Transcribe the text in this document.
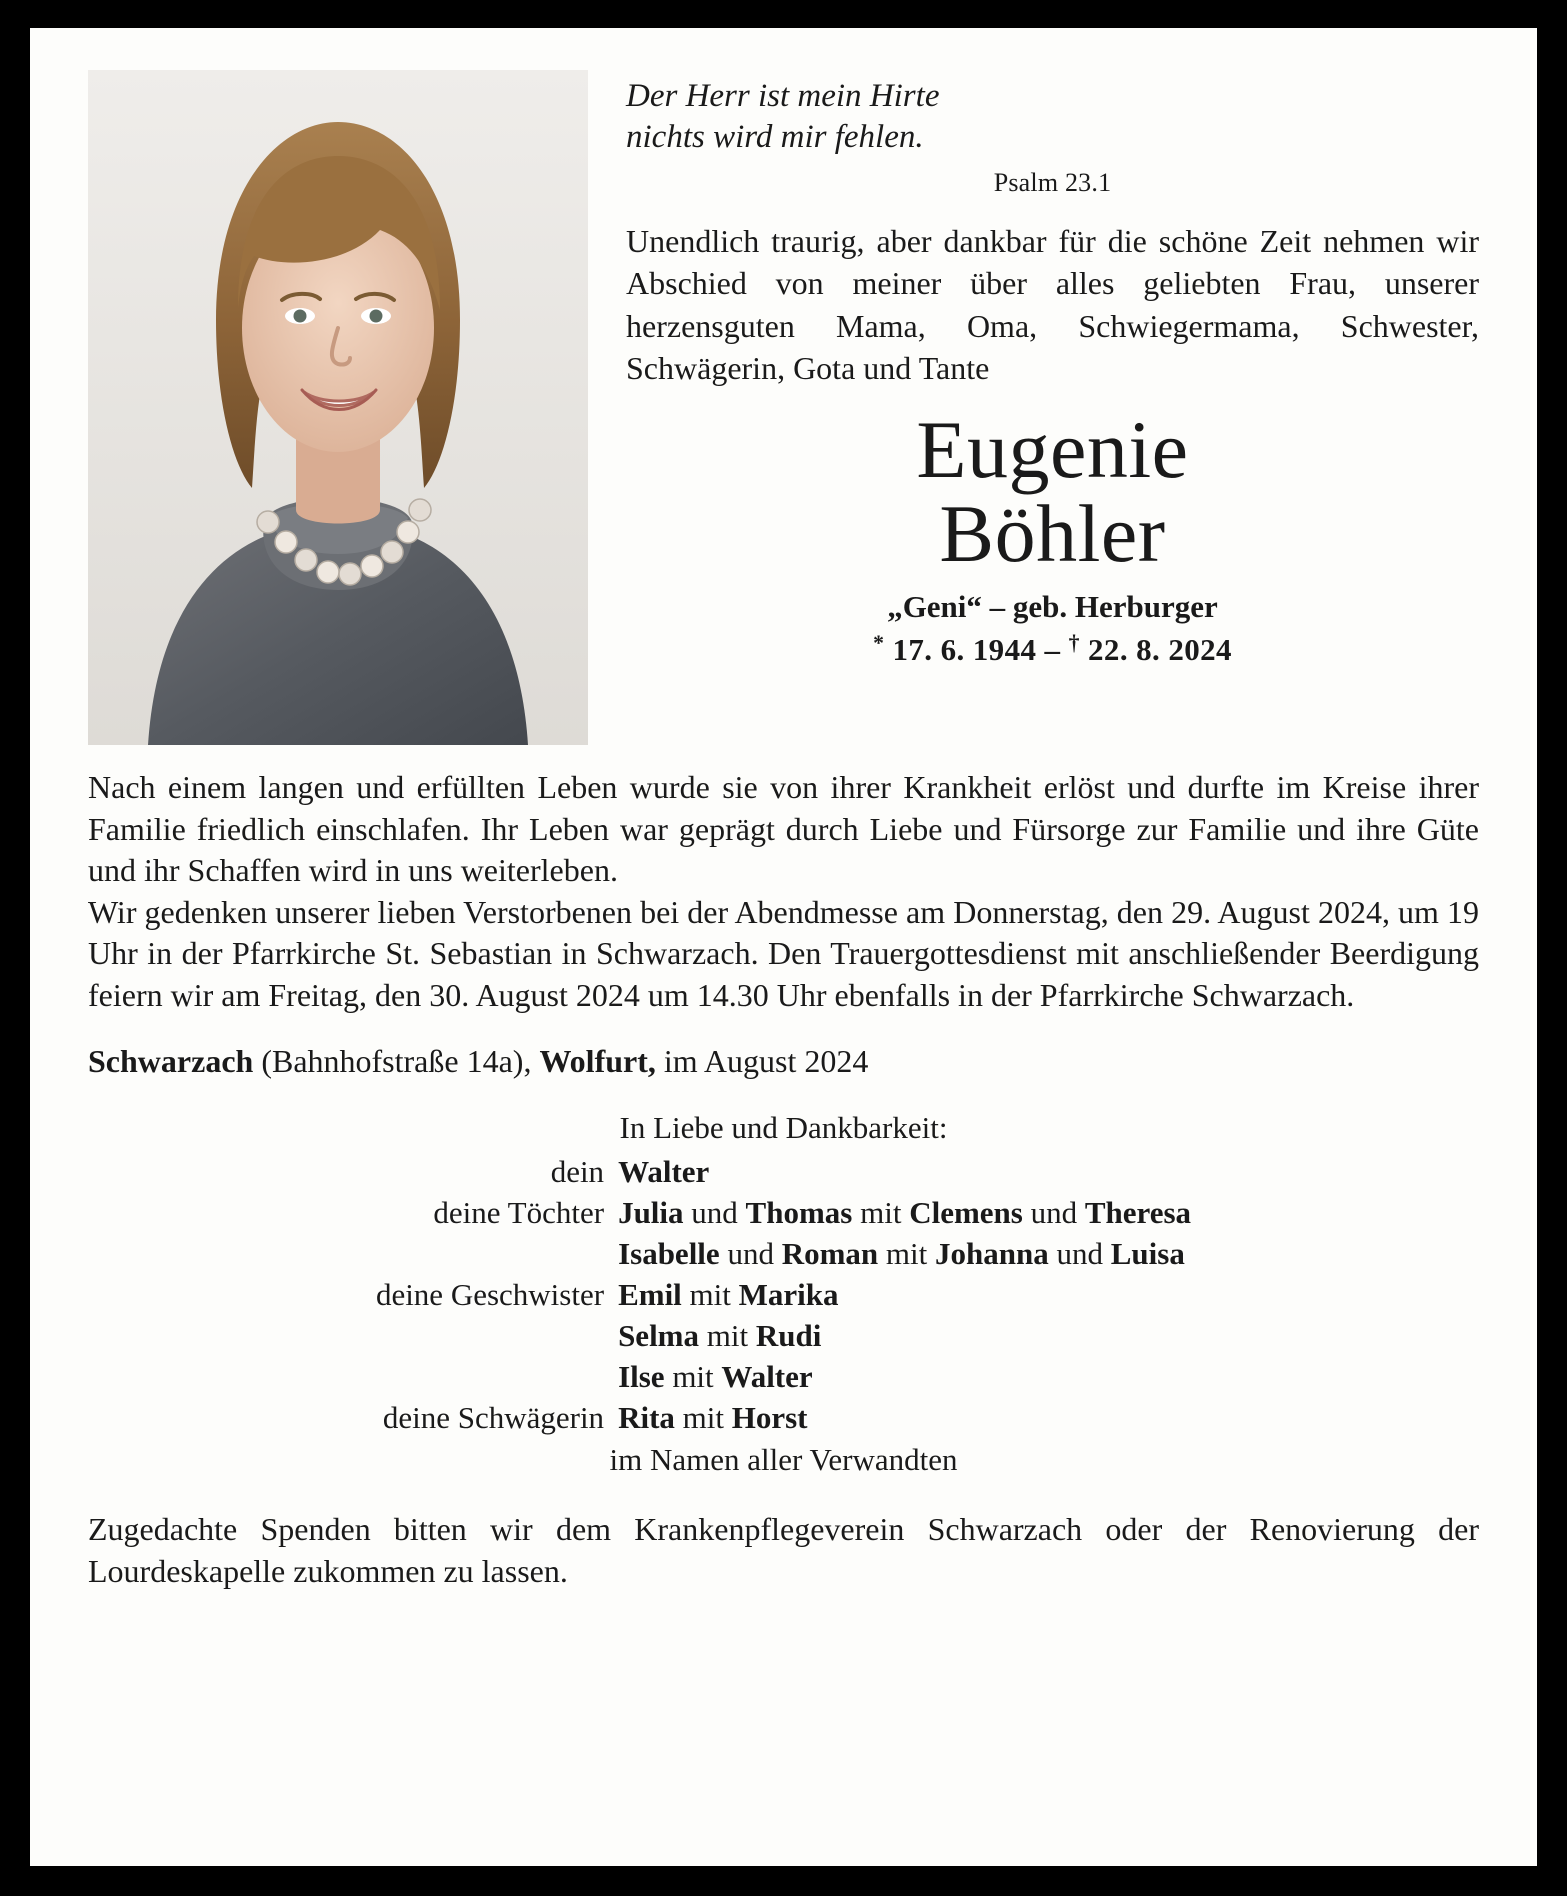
Der Herr ist mein Hirte
nichts wird mir fehlen.
Psalm 23.1
Unendlich traurig, aber dankbar für die schöne Zeit nehmen wir Abschied von meiner über alles geliebten Frau, unserer herzensguten Mama, Oma, Schwiegermama, Schwester, Schwägerin, Gota und Tante
Eugenie
Böhler
„Geni“ – geb. Herburger
* 17. 6. 1944 – † 22. 8. 2024

Nach einem langen und erfüllten Leben wurde sie von ihrer Krankheit erlöst und durfte im Kreise ihrer Familie friedlich einschlafen. Ihr Leben war geprägt durch Liebe und Fürsorge zur Familie und ihre Güte und ihr Schaffen wird in uns weiterleben.

Wir gedenken unserer lieben Verstorbenen bei der Abendmesse am Donnerstag, den 29. August 2024, um 19 Uhr in der Pfarrkirche St. Sebastian in Schwarzach. Den Trauergottesdienst mit anschließender Beerdigung feiern wir am Freitag, den 30. August 2024 um 14.30 Uhr ebenfalls in der Pfarrkirche Schwarzach.

Schwarzach (Bahnhofstraße 14a), Wolfurt, im August 2024
In Liebe und Dankbarkeit:
dein	Walter
deine Töchter	Julia und Thomas mit Clemens und Theresa
	Isabelle und Roman mit Johanna und Luisa
deine Geschwister	Emil mit Marika
	Selma mit Rudi
	Ilse mit Walter
deine Schwägerin	Rita mit Horst
im Namen aller Verwandten
Zugedachte Spenden bitten wir dem Krankenpflegeverein Schwarzach oder der Renovierung der Lourdeskapelle zukommen zu lassen.
